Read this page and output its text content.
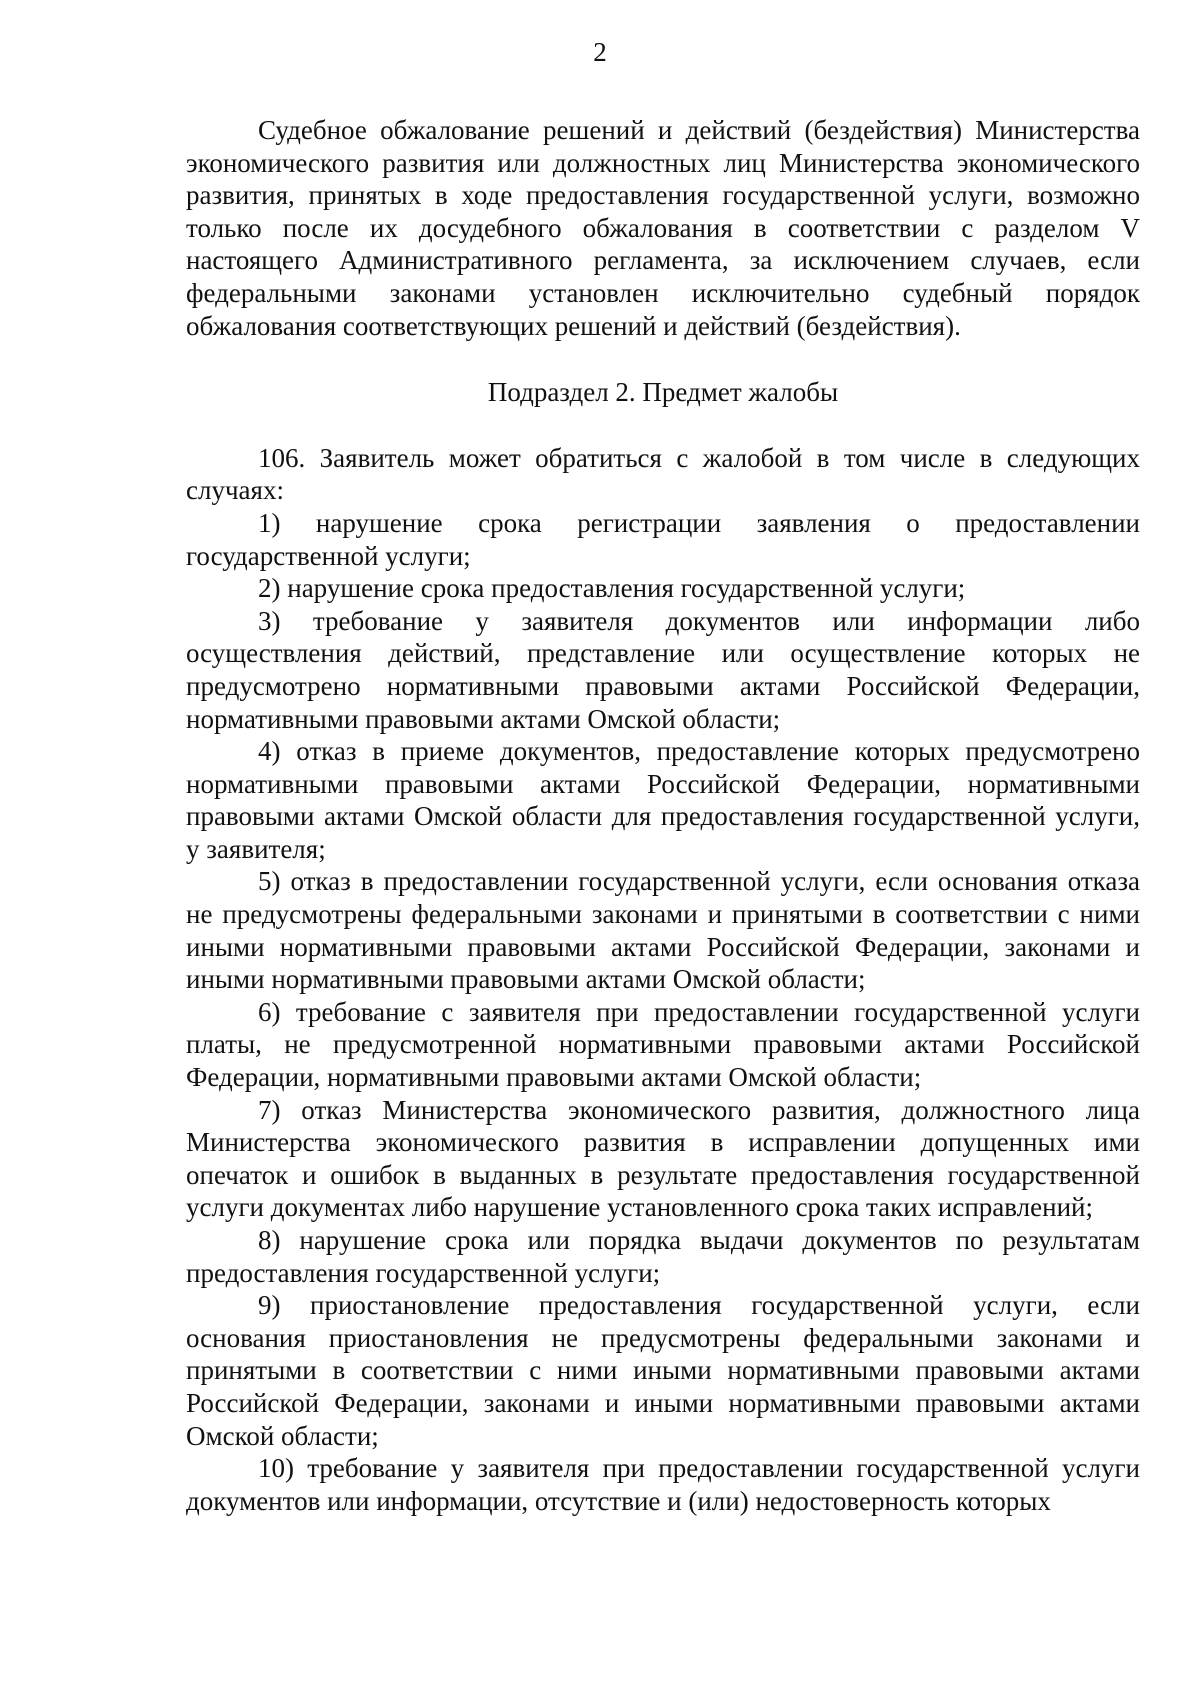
2

Судебное обжалование решений и действий (бездействия) Министерства экономического развития или должностных лиц Министерства экономического развития, принятых в ходе предоставления государственной услуги, возможно только после их досудебного обжалования в соответствии с разделом V настоящего Административного регламента, за исключением случаев, если федеральными законами установлен исключительно судебный порядок обжалования соответствующих решений и действий (бездействия).

Подраздел 2. Предмет жалобы

106. Заявитель может обратиться с жалобой в том числе в следующих случаях:

1) нарушение срока регистрации заявления о предоставлении государственной услуги;

2) нарушение срока предоставления государственной услуги;

3) требование у заявителя документов или информации либо осуществления действий, представление или осуществление которых не предусмотрено нормативными правовыми актами Российской Федерации, нормативными правовыми актами Омской области;

4) отказ в приеме документов, предоставление которых предусмотрено нормативными правовыми актами Российской Федерации, нормативными правовыми актами Омской области для предоставления государственной услуги, у заявителя;

5) отказ в предоставлении государственной услуги, если основания отказа не предусмотрены федеральными законами и принятыми в соответствии с ними иными нормативными правовыми актами Российской Федерации, законами и иными нормативными правовыми актами Омской области;

6) требование с заявителя при предоставлении государственной услуги платы, не предусмотренной нормативными правовыми актами Российской Федерации, нормативными правовыми актами Омской области;

7) отказ Министерства экономического развития, должностного лица Министерства экономического развития в исправлении допущенных ими опечаток и ошибок в выданных в результате предоставления государственной услуги документах либо нарушение установленного срока таких исправлений;

8) нарушение срока или порядка выдачи документов по результатам предоставления государственной услуги;

9) приостановление предоставления государственной услуги, если основания приостановления не предусмотрены федеральными законами и принятыми в соответствии с ними иными нормативными правовыми актами Российской Федерации, законами и иными нормативными правовыми актами Омской области;

10) требование у заявителя при предоставлении государственной услуги документов или информации, отсутствие и (или) недостоверность которых
